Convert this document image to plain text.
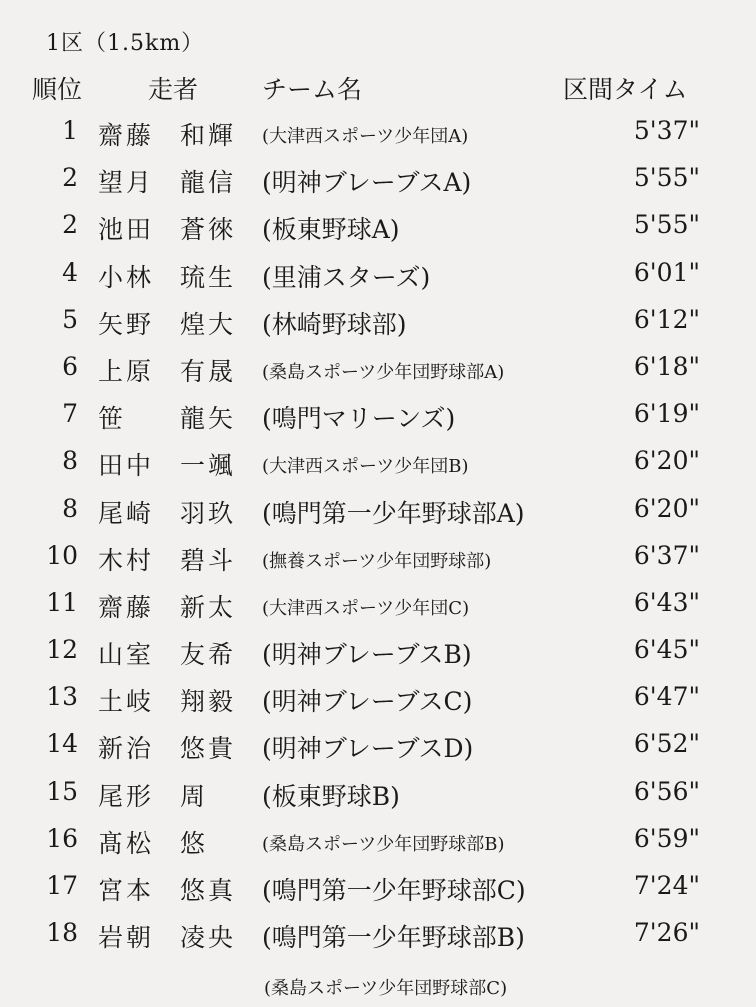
1区（1.5km）
順位	走者	チーム名	区間タイム
1 齋藤 和輝 (大津西スポーツ少年団A)	5'37"
2 望月 龍信 (明神ブレーブスA)	5'55"
2 池田 蒼徠 (板東野球A)	5'55"
4 小林 琉生 (里浦スターズ)	6'01"
5 矢野 煌大 (林崎野球部)	6'12"
6 上原 有晟 (桑島スポーツ少年団野球部A)	6'18"
7 笹 龍矢 (鳴門マリーンズ)	6'19"
8 田中 一颯 (大津西スポーツ少年団B)	6'20"
8 尾崎 羽玖 (鳴門第一少年野球部A)	6'20"
10 木村 碧斗 (撫養スポーツ少年団野球部)	6'37"
11 齋藤 新太 (大津西スポーツ少年団C)	6'43"
12 山室 友希 (明神ブレーブスB)	6'45"
13 土岐 翔毅 (明神ブレーブスC)	6'47"
14 新治 悠貴 (明神ブレーブスD)	6'52"
15 尾形 周 (板東野球B)	6'56"
16 髙松 悠	(桑島スポーツ少年団野球部B)	6'59"
17 宮本 悠真 (鳴門第一少年野球部C)	7'24"
18 岩朝 凌央 (鳴門第一少年野球部B)	7'26"
(桑島スポーツ少年団野球部C)
